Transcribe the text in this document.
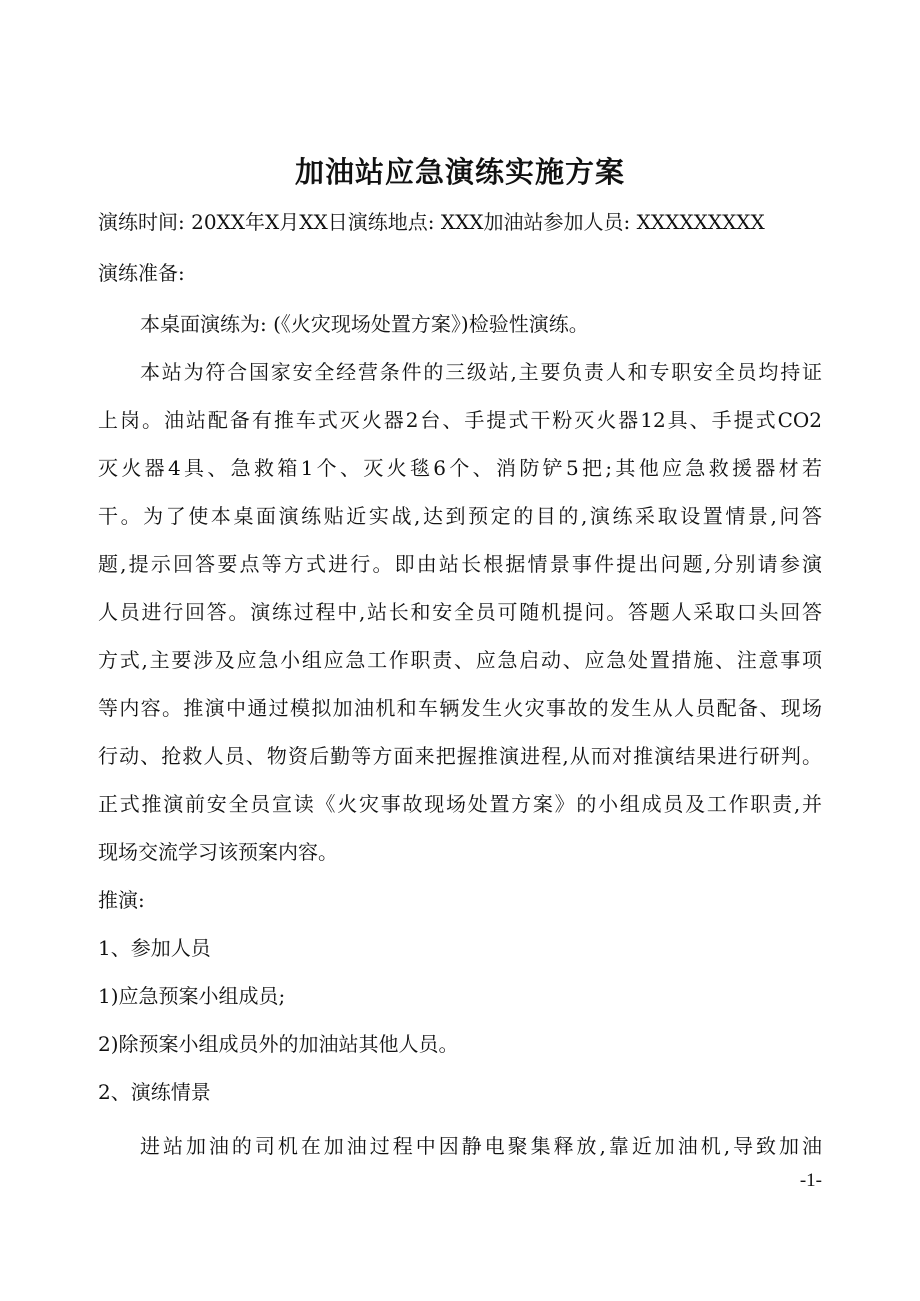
加油站应急演练实施方案
演练时间: 20XX年X月XX日演练地点: XXX加油站参加人员: XXXXXXXXX
演练准备:
本桌面演练为: (《火灾现场处置方案》)检验性演练。
本站为符合国家安全经营条件的三级站,主要负责人和专职安全员均持证
上岗。油站配备有推车式灭火器2台、手提式干粉灭火器12具、手提式CO2
灭火器4具、急救箱1个、灭火毯6个、消防铲5把;其他应急救援器材若
干。为了使本桌面演练贴近实战,达到预定的目的,演练采取设置情景,问答
题,提示回答要点等方式进行。即由站长根据情景事件提出问题,分别请参演
人员进行回答。演练过程中,站长和安全员可随机提问。答题人采取口头回答
方式,主要涉及应急小组应急工作职责、应急启动、应急处置措施、注意事项
等内容。推演中通过模拟加油机和车辆发生火灾事故的发生从人员配备、现场
行动、抢救人员、物资后勤等方面来把握推演进程,从而对推演结果进行研判。
正式推演前安全员宣读《火灾事故现场处置方案》的小组成员及工作职责,并
现场交流学习该预案内容。
推演:
1、参加人员
1)应急预案小组成员;
2)除预案小组成员外的加油站其他人员。
2、演练情景
进站加油的司机在加油过程中因静电聚集释放,靠近加油机,导致加油
-1-
